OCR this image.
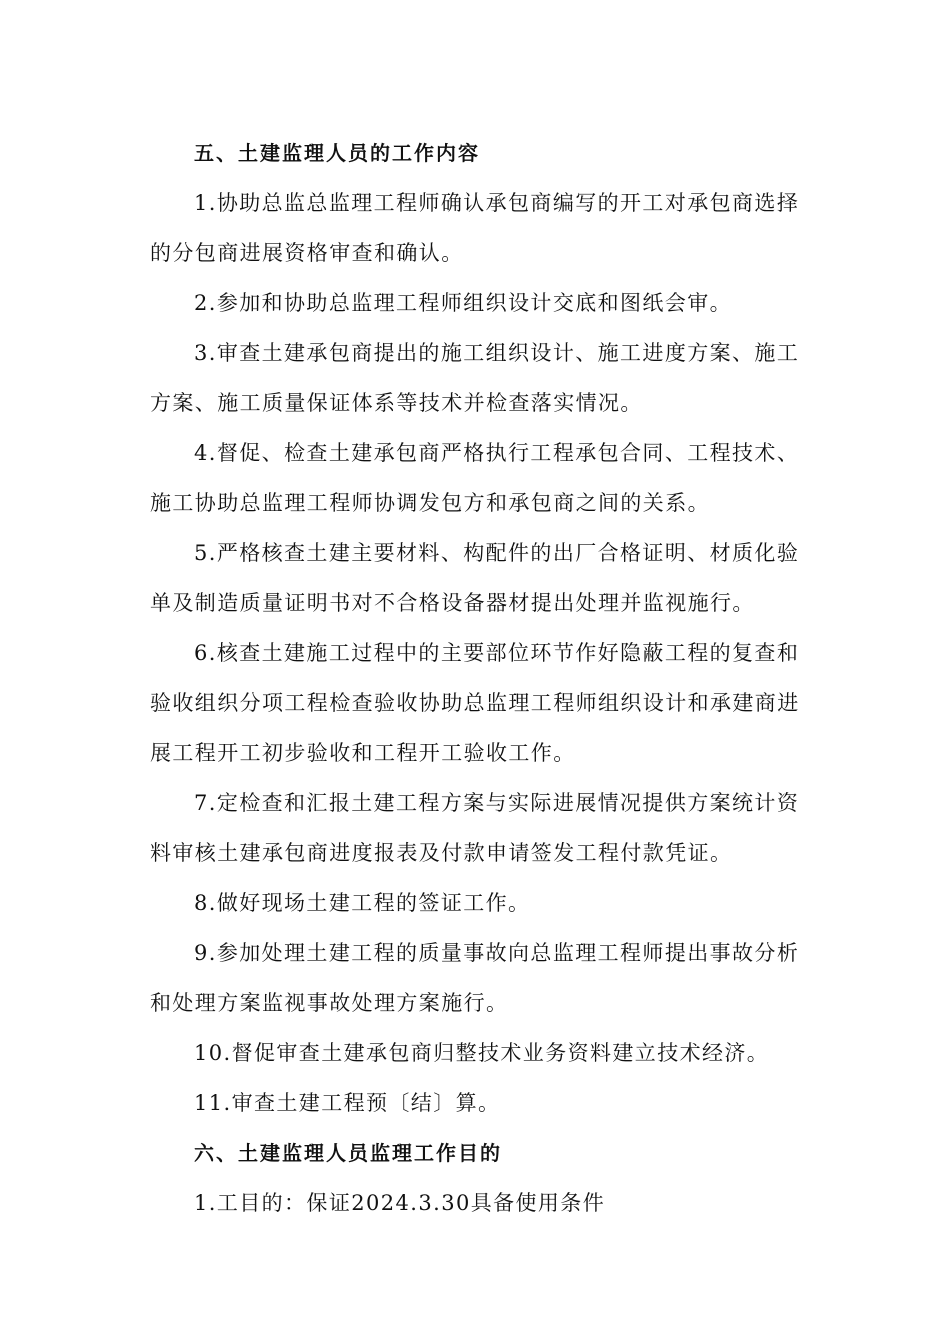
五、土建监理人员的工作内容
1.协助总监总监理工程师确认承包商编写的开工对承包商选择
的分包商进展资格审查和确认。
2.参加和协助总监理工程师组织设计交底和图纸会审。
3.审查土建承包商提出的施工组织设计、施工进度方案、施工
方案、施工质量保证体系等技术并检查落实情况。
4.督促、检查土建承包商严格执行工程承包合同、工程技术、
施工协助总监理工程师协调发包方和承包商之间的关系。
5.严格核查土建主要材料、构配件的出厂合格证明、材质化验
单及制造质量证明书对不合格设备器材提出处理并监视施行。
6.核查土建施工过程中的主要部位环节作好隐蔽工程的复查和
验收组织分项工程检查验收协助总监理工程师组织设计和承建商进
展工程开工初步验收和工程开工验收工作。
7.定检查和汇报土建工程方案与实际进展情况提供方案统计资
料审核土建承包商进度报表及付款申请签发工程付款凭证。
8.做好现场土建工程的签证工作。
9.参加处理土建工程的质量事故向总监理工程师提出事故分析
和处理方案监视事故处理方案施行。
10.督促审查土建承包商归整技术业务资料建立技术经济。
11.审查土建工程预〔结〕算。
六、土建监理人员监理工作目的
1.工目的：保证2024.3.30具备使用条件
